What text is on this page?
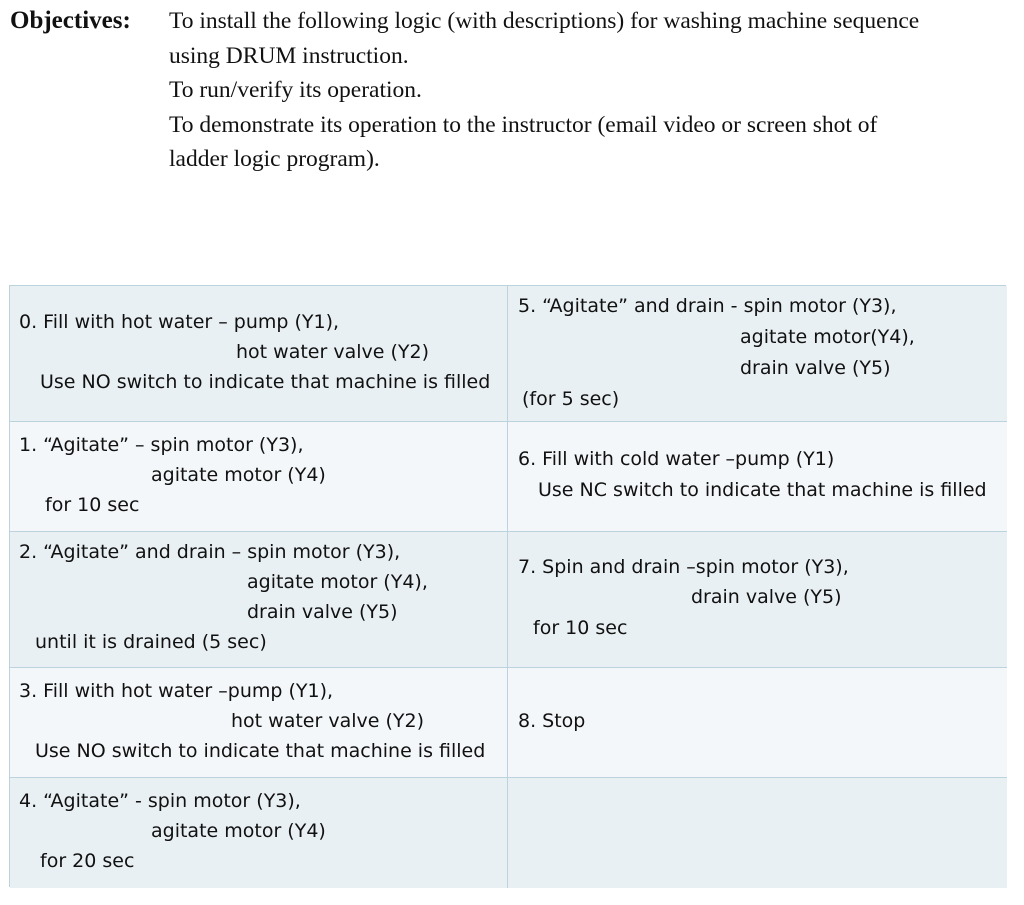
Objectives: To install the following logic (with descriptions) for washing machine sequence
using DRUM instruction.
To run/verify its operation.
To demonstrate its operation to the instructor (email video or screen shot of
ladder logic program).
0. Fill with hot water – pump (Y1),
hot water valve (Y2)
Use NO switch to indicate that machine is filled
5. “Agitate” and drain - spin motor (Y3),
agitate motor(Y4),
drain valve (Y5)
(for 5 sec)
1. “Agitate” – spin motor (Y3),
agitate motor (Y4)
for 10 sec
6. Fill with cold water –pump (Y1)
Use NC switch to indicate that machine is filled
2. “Agitate” and drain – spin motor (Y3),
agitate motor (Y4),
drain valve (Y5)
until it is drained (5 sec)
7. Spin and drain –spin motor (Y3),
drain valve (Y5)
for 10 sec
3. Fill with hot water –pump (Y1),
hot water valve (Y2)
Use NO switch to indicate that machine is filled
8. Stop
4. “Agitate” - spin motor (Y3),
agitate motor (Y4)
for 20 sec
